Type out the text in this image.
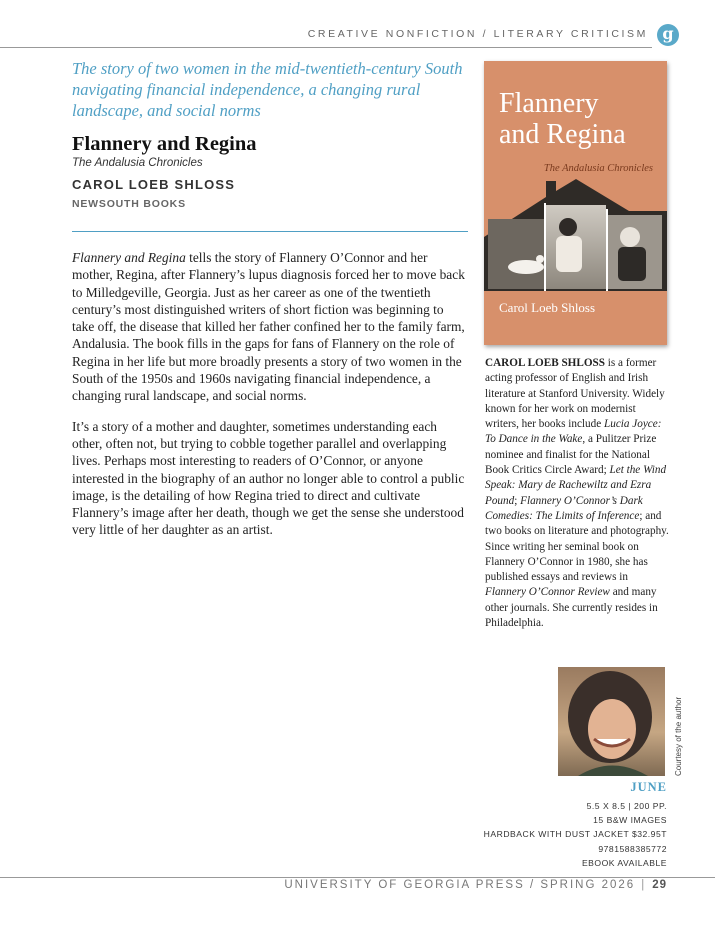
CREATIVE NONFICTION / LITERARY CRITICISM g

The story of two women in the mid-twentieth-century South navigating financial independence, a changing rural landscape, and social norms

Flannery and Regina
The Andalusia Chronicles
CAROL LOEB SHLOSS
NEWSOUTH BOOKS

Flannery and Regina tells the story of Flannery O’Connor and her mother, Regina, after Flannery’s lupus diagnosis forced her to move back to Milledgeville, Georgia. Just as her career as one of the twentieth century’s most distinguished writers of short fiction was beginning to take off, the disease that killed her father confined her to the family farm, Andalusia. The book fills in the gaps for fans of Flannery on the role of Regina in her life but more broadly presents a story of two women in the South of the 1950s and 1960s navigating financial independence, a changing rural landscape, and social norms.

It’s a story of a mother and daughter, sometimes understanding each other, often not, but trying to cobble together parallel and overlapping lives. Perhaps most interesting to readers of O’Connor, or anyone interested in the biography of an author no longer able to control a public image, is the detailing of how Regina tried to direct and cultivate Flannery’s image after her death, though we get the sense she understood very little of her daughter as an artist.

Flannery
and Regina
The Andalusia Chronicles
Carol Loeb Shloss
CAROL LOEB SHLOSS is a former acting professor of English and Irish literature at Stanford University. Widely known for her work on modernist writers, her books include Lucia Joyce: To Dance in the Wake, a Pulitzer Prize nominee and finalist for the National Book Critics Circle Award; Let the Wind Speak: Mary de Rachewiltz and Ezra Pound; Flannery O’Connor’s Dark Comedies: The Limits of Inference; and two books on literature and photography. Since writing her seminal book on Flannery O’Connor in 1980, she has published essays and reviews in Flannery O’Connor Review and many other journals. She currently resides in Philadelphia.
Courtesy of the author
JUNE
5.5 X 8.5 | 200 PP.
15 B&W IMAGES
HARDBACK WITH DUST JACKET $32.95T
9781588385772
EBOOK AVAILABLE
UNIVERSITY OF GEORGIA PRESS / SPRING 2026 | 29
